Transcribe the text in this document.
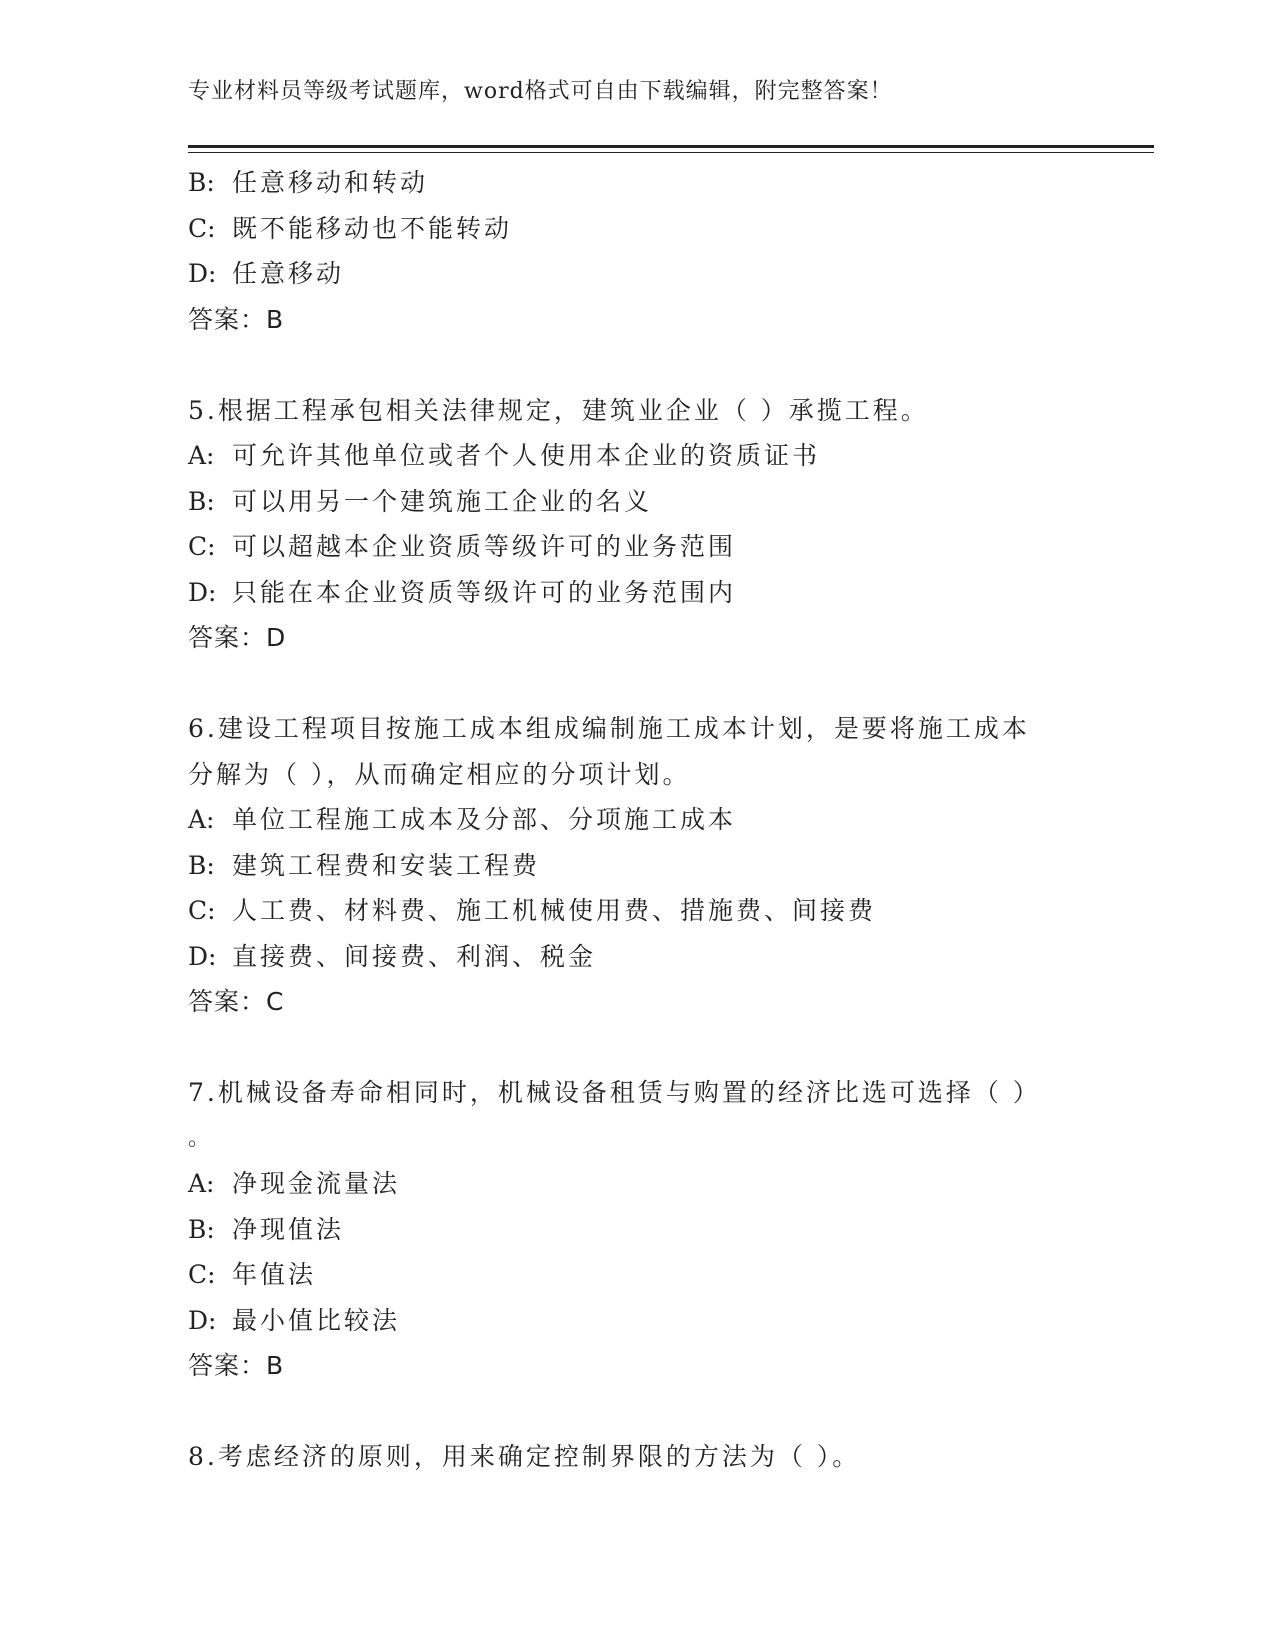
专业材料员等级考试题库，word格式可自由下载编辑，附完整答案！
B: 任意移动和转动
C: 既不能移动也不能转动
D: 任意移动
答案：B
5.根据工程承包相关法律规定，建筑业企业（ ）承揽工程。
A: 可允许其他单位或者个人使用本企业的资质证书
B: 可以用另一个建筑施工企业的名义
C: 可以超越本企业资质等级许可的业务范围
D: 只能在本企业资质等级许可的业务范围内
答案：D
6.建设工程项目按施工成本组成编制施工成本计划，是要将施工成本
分解为（ ），从而确定相应的分项计划。
A: 单位工程施工成本及分部、分项施工成本
B: 建筑工程费和安装工程费
C: 人工费、材料费、施工机械使用费、措施费、间接费
D: 直接费、间接费、利润、税金
答案：C
7.机械设备寿命相同时，机械设备租赁与购置的经济比选可选择（ ）
。
A: 净现金流量法
B: 净现值法
C: 年值法
D: 最小值比较法
答案：B
8.考虑经济的原则，用来确定控制界限的方法为（ ）。
